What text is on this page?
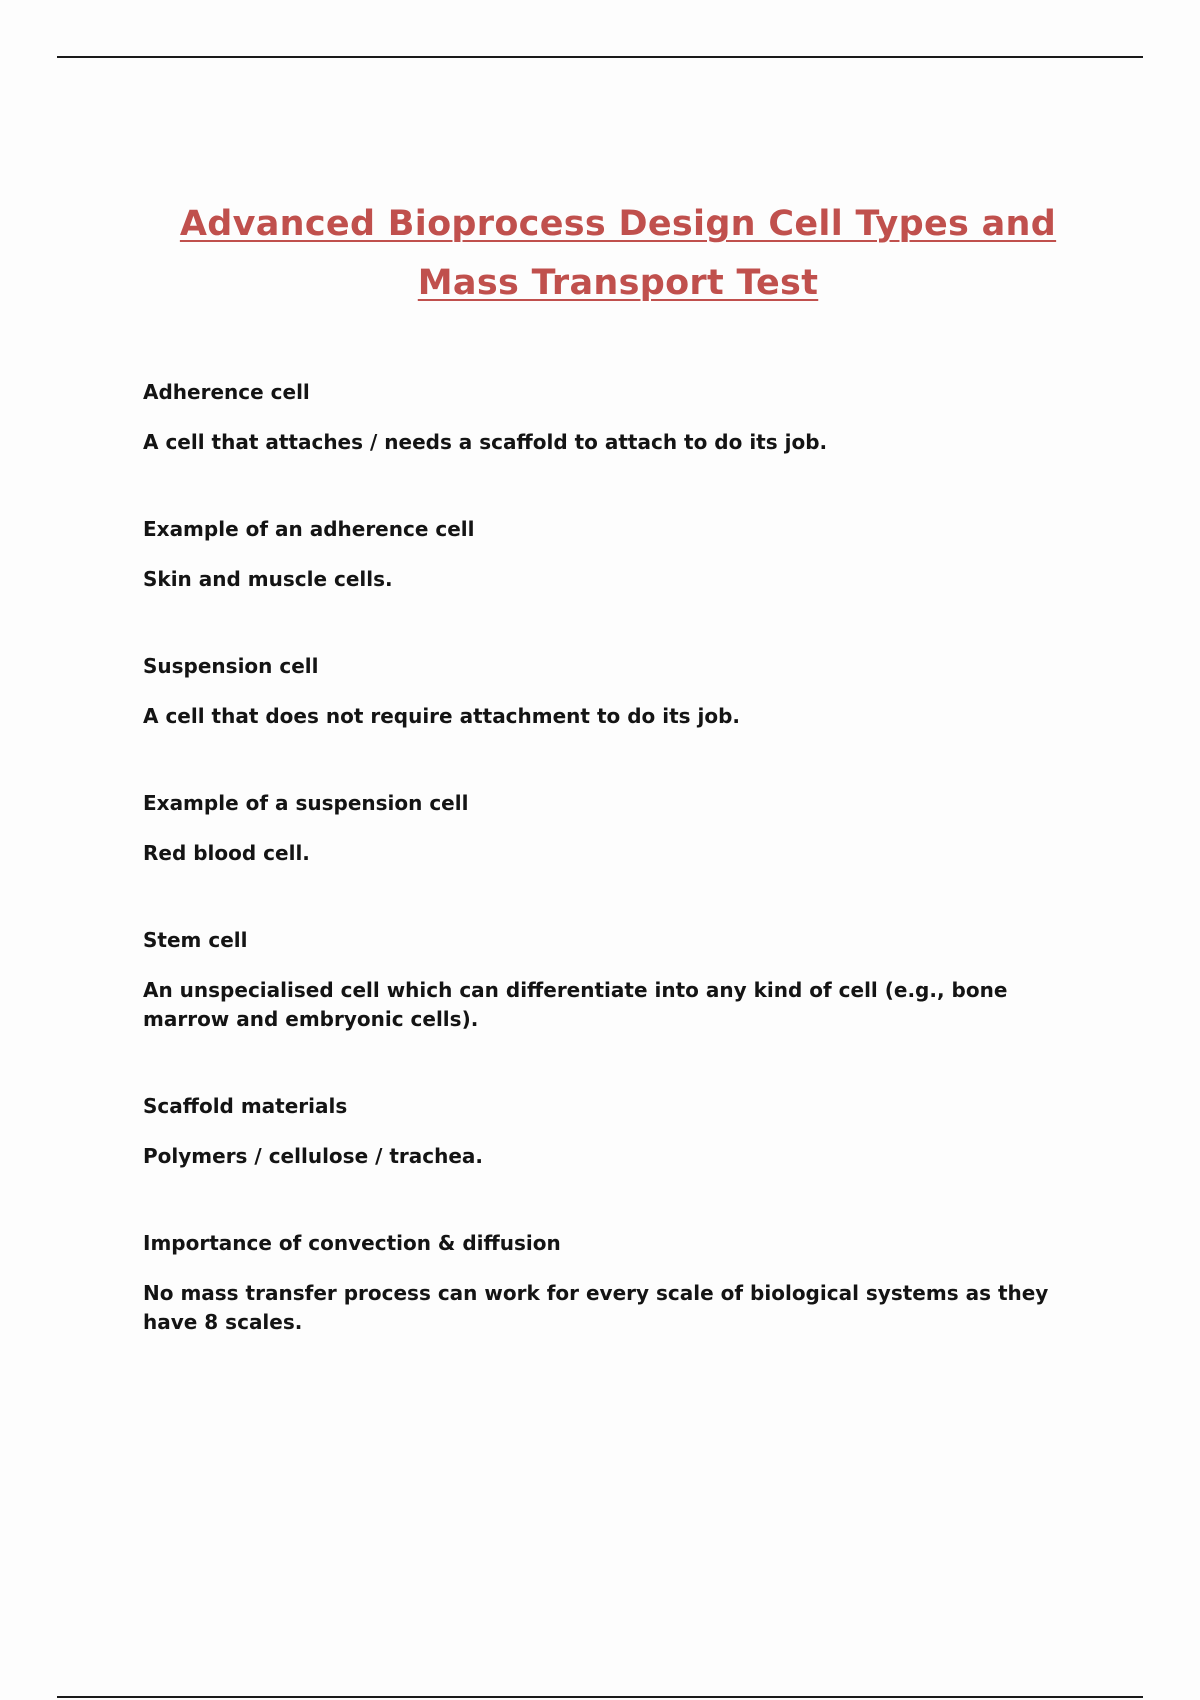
Advanced Bioprocess Design Cell Types and
Mass Transport Test

Adherence cell

A cell that attaches / needs a scaffold to attach to do its job.

Example of an adherence cell

Skin and muscle cells.

Suspension cell

A cell that does not require attachment to do its job.

Example of a suspension cell

Red blood cell.

Stem cell

An unspecialised cell which can differentiate into any kind of cell (e.g., bone marrow and embryonic cells).

Scaffold materials

Polymers / cellulose / trachea.

Importance of convection & diffusion

No mass transfer process can work for every scale of biological systems as they have 8 scales.
